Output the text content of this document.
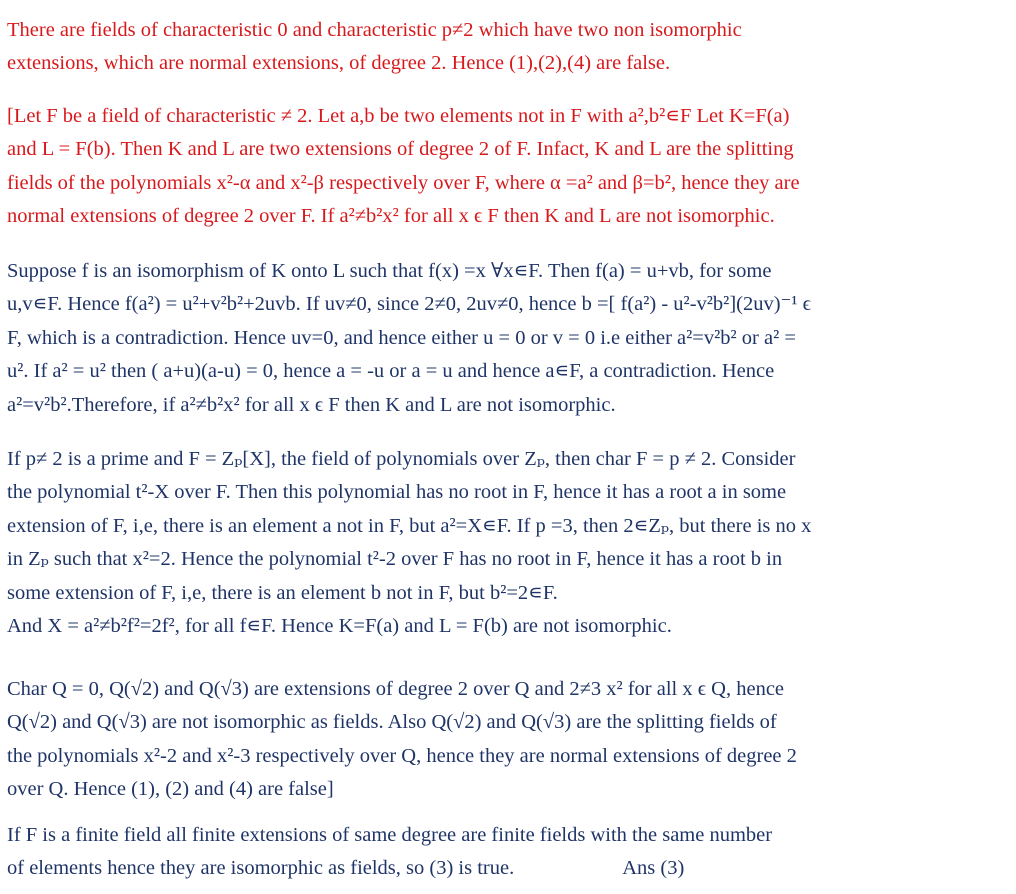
There are fields of characteristic 0 and characteristic p≠2 which have two non isomorphic
extensions, which are normal extensions, of degree 2. Hence (1),(2),(4) are false.
[Let F be a field of characteristic ≠ 2. Let a,b be two elements not in F with a²,b²∊F Let K=F(a)
and L = F(b). Then K and L are two extensions of degree 2 of F. Infact, K and L are the splitting
fields of the polynomials x²-α and x²-β respectively over F, where α =a² and β=b², hence they are
normal extensions of degree 2 over F. If a²≠b²x² for all x ϵ F then K and L are not isomorphic.
Suppose f is an isomorphism of K onto L such that f(x) =x ∀x∊F. Then f(a) = u+vb, for some
u,v∊F. Hence f(a²) = u²+v²b²+2uvb. If uv≠0, since 2≠0, 2uv≠0, hence b =[ f(a²) - u²-v²b²](2uv)⁻¹ ϵ
F, which is a contradiction. Hence uv=0, and hence either u = 0 or v = 0 i.e either a²=v²b² or a² =
u². If a² = u² then ( a+u)(a-u) = 0, hence a = -u or a = u and hence a∊F, a contradiction. Hence
a²=v²b².Therefore, if a²≠b²x² for all x ϵ F then K and L are not isomorphic.
If p≠ 2 is a prime and F = Zₚ[X], the field of polynomials over Zₚ, then char F = p ≠ 2. Consider
the polynomial t²-X over F. Then this polynomial has no root in F, hence it has a root a in some
extension of F, i,e, there is an element a not in F, but a²=X∊F. If p =3, then 2∊Zₚ, but there is no x
in Zₚ such that x²=2. Hence the polynomial t²-2 over F has no root in F, hence it has a root b in
some extension of F, i,e, there is an element b not in F, but b²=2∊F.
And X = a²≠b²f²=2f², for all f∊F. Hence K=F(a) and L = F(b) are not isomorphic.
Char Q = 0, Q(√2) and Q(√3) are extensions of degree 2 over Q and 2≠3 x² for all x ϵ Q, hence
Q(√2) and Q(√3) are not isomorphic as fields. Also Q(√2) and Q(√3) are the splitting fields of
the polynomials x²-2 and x²-3 respectively over Q, hence they are normal extensions of degree 2
over Q. Hence (1), (2) and (4) are false]
If F is a finite field all finite extensions of same degree are finite fields with the same number
of elements hence they are isomorphic as fields, so (3) is true.	Ans (3)
